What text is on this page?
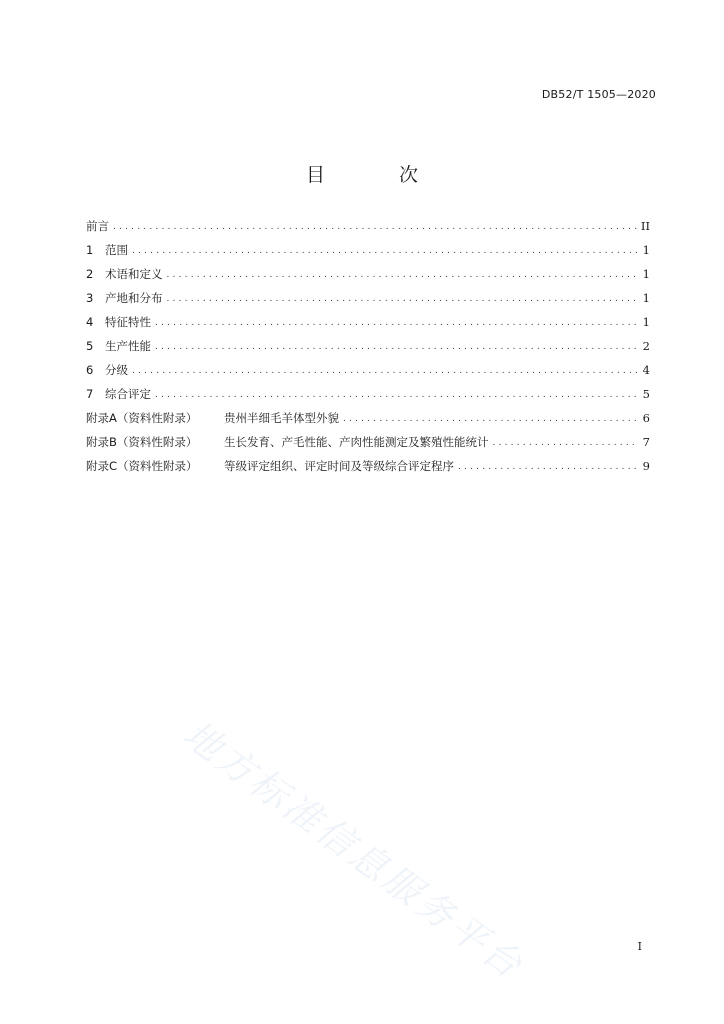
DB52/T 1505—2020
目 次
前言 .....	II
1	范围 .....	1
2	术语和定义 .....	1
3	产地和分布 .....	1
4	特征特性 .....	1
5	生产性能 .....	2
6	分级 .....	4
7	综合评定 .....	5
附录A（资料性附录）	贵州半细毛羊体型外貌 .....	6
附录B（资料性附录）	生长发育、产毛性能、产肉性能测定及繁殖性能统计 .....	7
附录C（资料性附录）	等级评定组织、评定时间及等级综合评定程序 .....	9
地方标准信息服务平台	I
